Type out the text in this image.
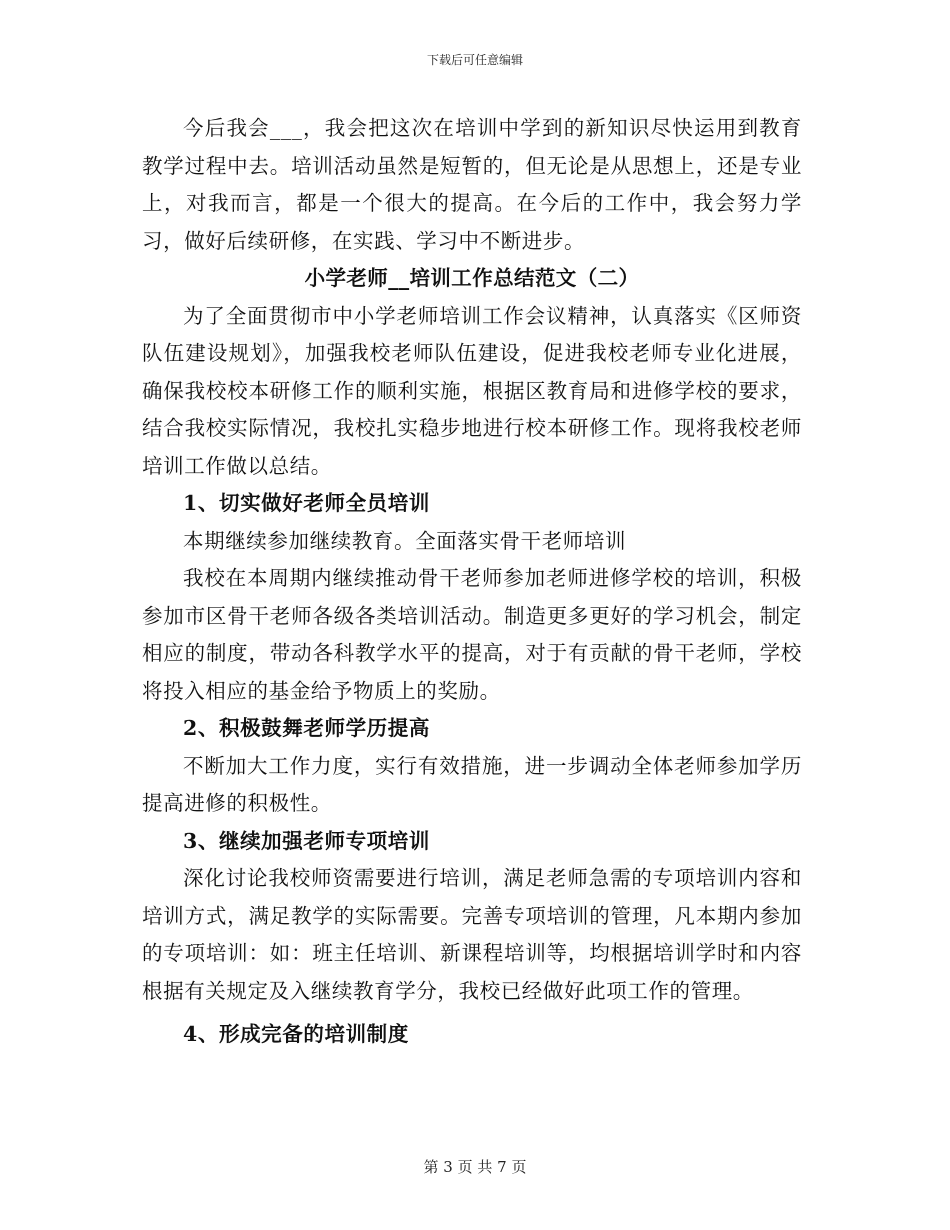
下载后可任意编辑

今后我会___，我会把这次在培训中学到的新知识尽快运用到教育教学过程中去。培训活动虽然是短暂的，但无论是从思想上，还是专业上，对我而言，都是一个很大的提高。在今后的工作中，我会努力学习，做好后续研修，在实践、学习中不断进步。

小学老师__培训工作总结范文（二）

为了全面贯彻市中小学老师培训工作会议精神，认真落实《区师资队伍建设规划》，加强我校老师队伍建设，促进我校老师专业化进展，确保我校校本研修工作的顺利实施，根据区教育局和进修学校的要求，结合我校实际情况，我校扎实稳步地进行校本研修工作。现将我校老师培训工作做以总结。

1、切实做好老师全员培训

本期继续参加继续教育。全面落实骨干老师培训

我校在本周期内继续推动骨干老师参加老师进修学校的培训，积极参加市区骨干老师各级各类培训活动。制造更多更好的学习机会，制定相应的制度，带动各科教学水平的提高，对于有贡献的骨干老师，学校将投入相应的基金给予物质上的奖励。

2、积极鼓舞老师学历提高

不断加大工作力度，实行有效措施，进一步调动全体老师参加学历提高进修的积极性。

3、继续加强老师专项培训

深化讨论我校师资需要进行培训，满足老师急需的专项培训内容和培训方式，满足教学的实际需要。完善专项培训的管理，凡本期内参加的专项培训：如：班主任培训、新课程培训等，均根据培训学时和内容根据有关规定及入继续教育学分，我校已经做好此项工作的管理。

4、形成完备的培训制度

第 3 页 共 7 页
